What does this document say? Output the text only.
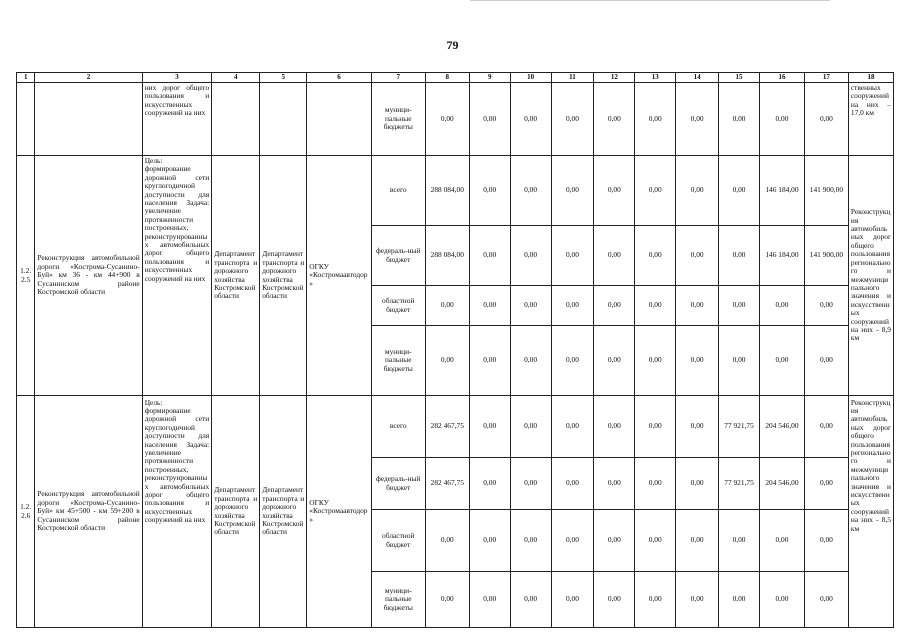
79
1	2	3	4	5	6	7	8	9	10	11	12	13	14	15	16	17	18

		них дорог общего пользования и искусственных сооружений на них				муници-пальные бюджеты	0,00	0,00	0,00	0,00	0,00	0,00	0,00	0,00	0,00	0,00	ственных сооружений на них – 17,0 км

1.2.2.5	Реконструкция автомобильной дороги «Кострома-Сусанино-Буй» км 36 - км 44+900 в Сусанинском районе Костромской области	Цель: формирование дорожной сети круглогодичной доступности для населения Задача: увеличение протяженности построенных, реконструированных автомобильных дорог общего пользования и искусственных сооружений на них	Департамент транспорта и дорожного хозяйства Костромской области	Департамент транспорта и дорожного хозяйства Костромской области	ОГКУ «Костромаавтодор»	всего	288 084,00	0,00	0,00	0,00	0,00	0,00	0,00	0,00	146 184,00	141 900,00	Реконструкция автомобильных дорог общего пользования регионального и межмуниципального значения и искусственных сооружений на них - 8,9 км
						федераль-ный бюджет	288 084,00	0,00	0,00	0,00	0,00	0,00	0,00	0,00	146 184,00	141 900,00	
						областной бюджет	0,00	0,00	0,00	0,00	0,00	0,00	0,00	0,00	0,00	0,00	
						муници-пальные бюджеты	0,00	0,00	0,00	0,00	0,00	0,00	0,00	0,00	0,00	0,00	
1.2.2.6	Реконструкция автомобильной дороги «Кострома-Сусанино-Буй» км 45+500 - км 59+200 в Сусанинском районе Костромской области	Цель: формирование дорожной сети круглогодичной доступности для населения Задача: увеличение протяженности построенных, реконструированных автомобильных дорог общего пользования и искусственных сооружений на них	Департамент транспорта и дорожного хозяйства Костромской области	Департамент транспорта и дорожного хозяйства Костромской области	ОГКУ «Костромаавтодор»	всего	282 467,75	0,00	0,00	0,00	0,00	0,00	0,00	77 921,75	204 546,00	0,00	Реконструкция автомобильных дорог общего пользования регионального и межмуниципального значения и искусственных сооружений на них - 8,5 км

						федераль-ный бюджет	282 467,75	0,00	0,00	0,00	0,00	0,00	0,00	77 921,75	204 546,00	0,00	
						областной бюджет	0,00	0,00	0,00	0,00	0,00	0,00	0,00	0,00	0,00	0,00	
						муници-пальные бюджеты	0,00	0,00	0,00	0,00	0,00	0,00	0,00	0,00	0,00	0,00	
